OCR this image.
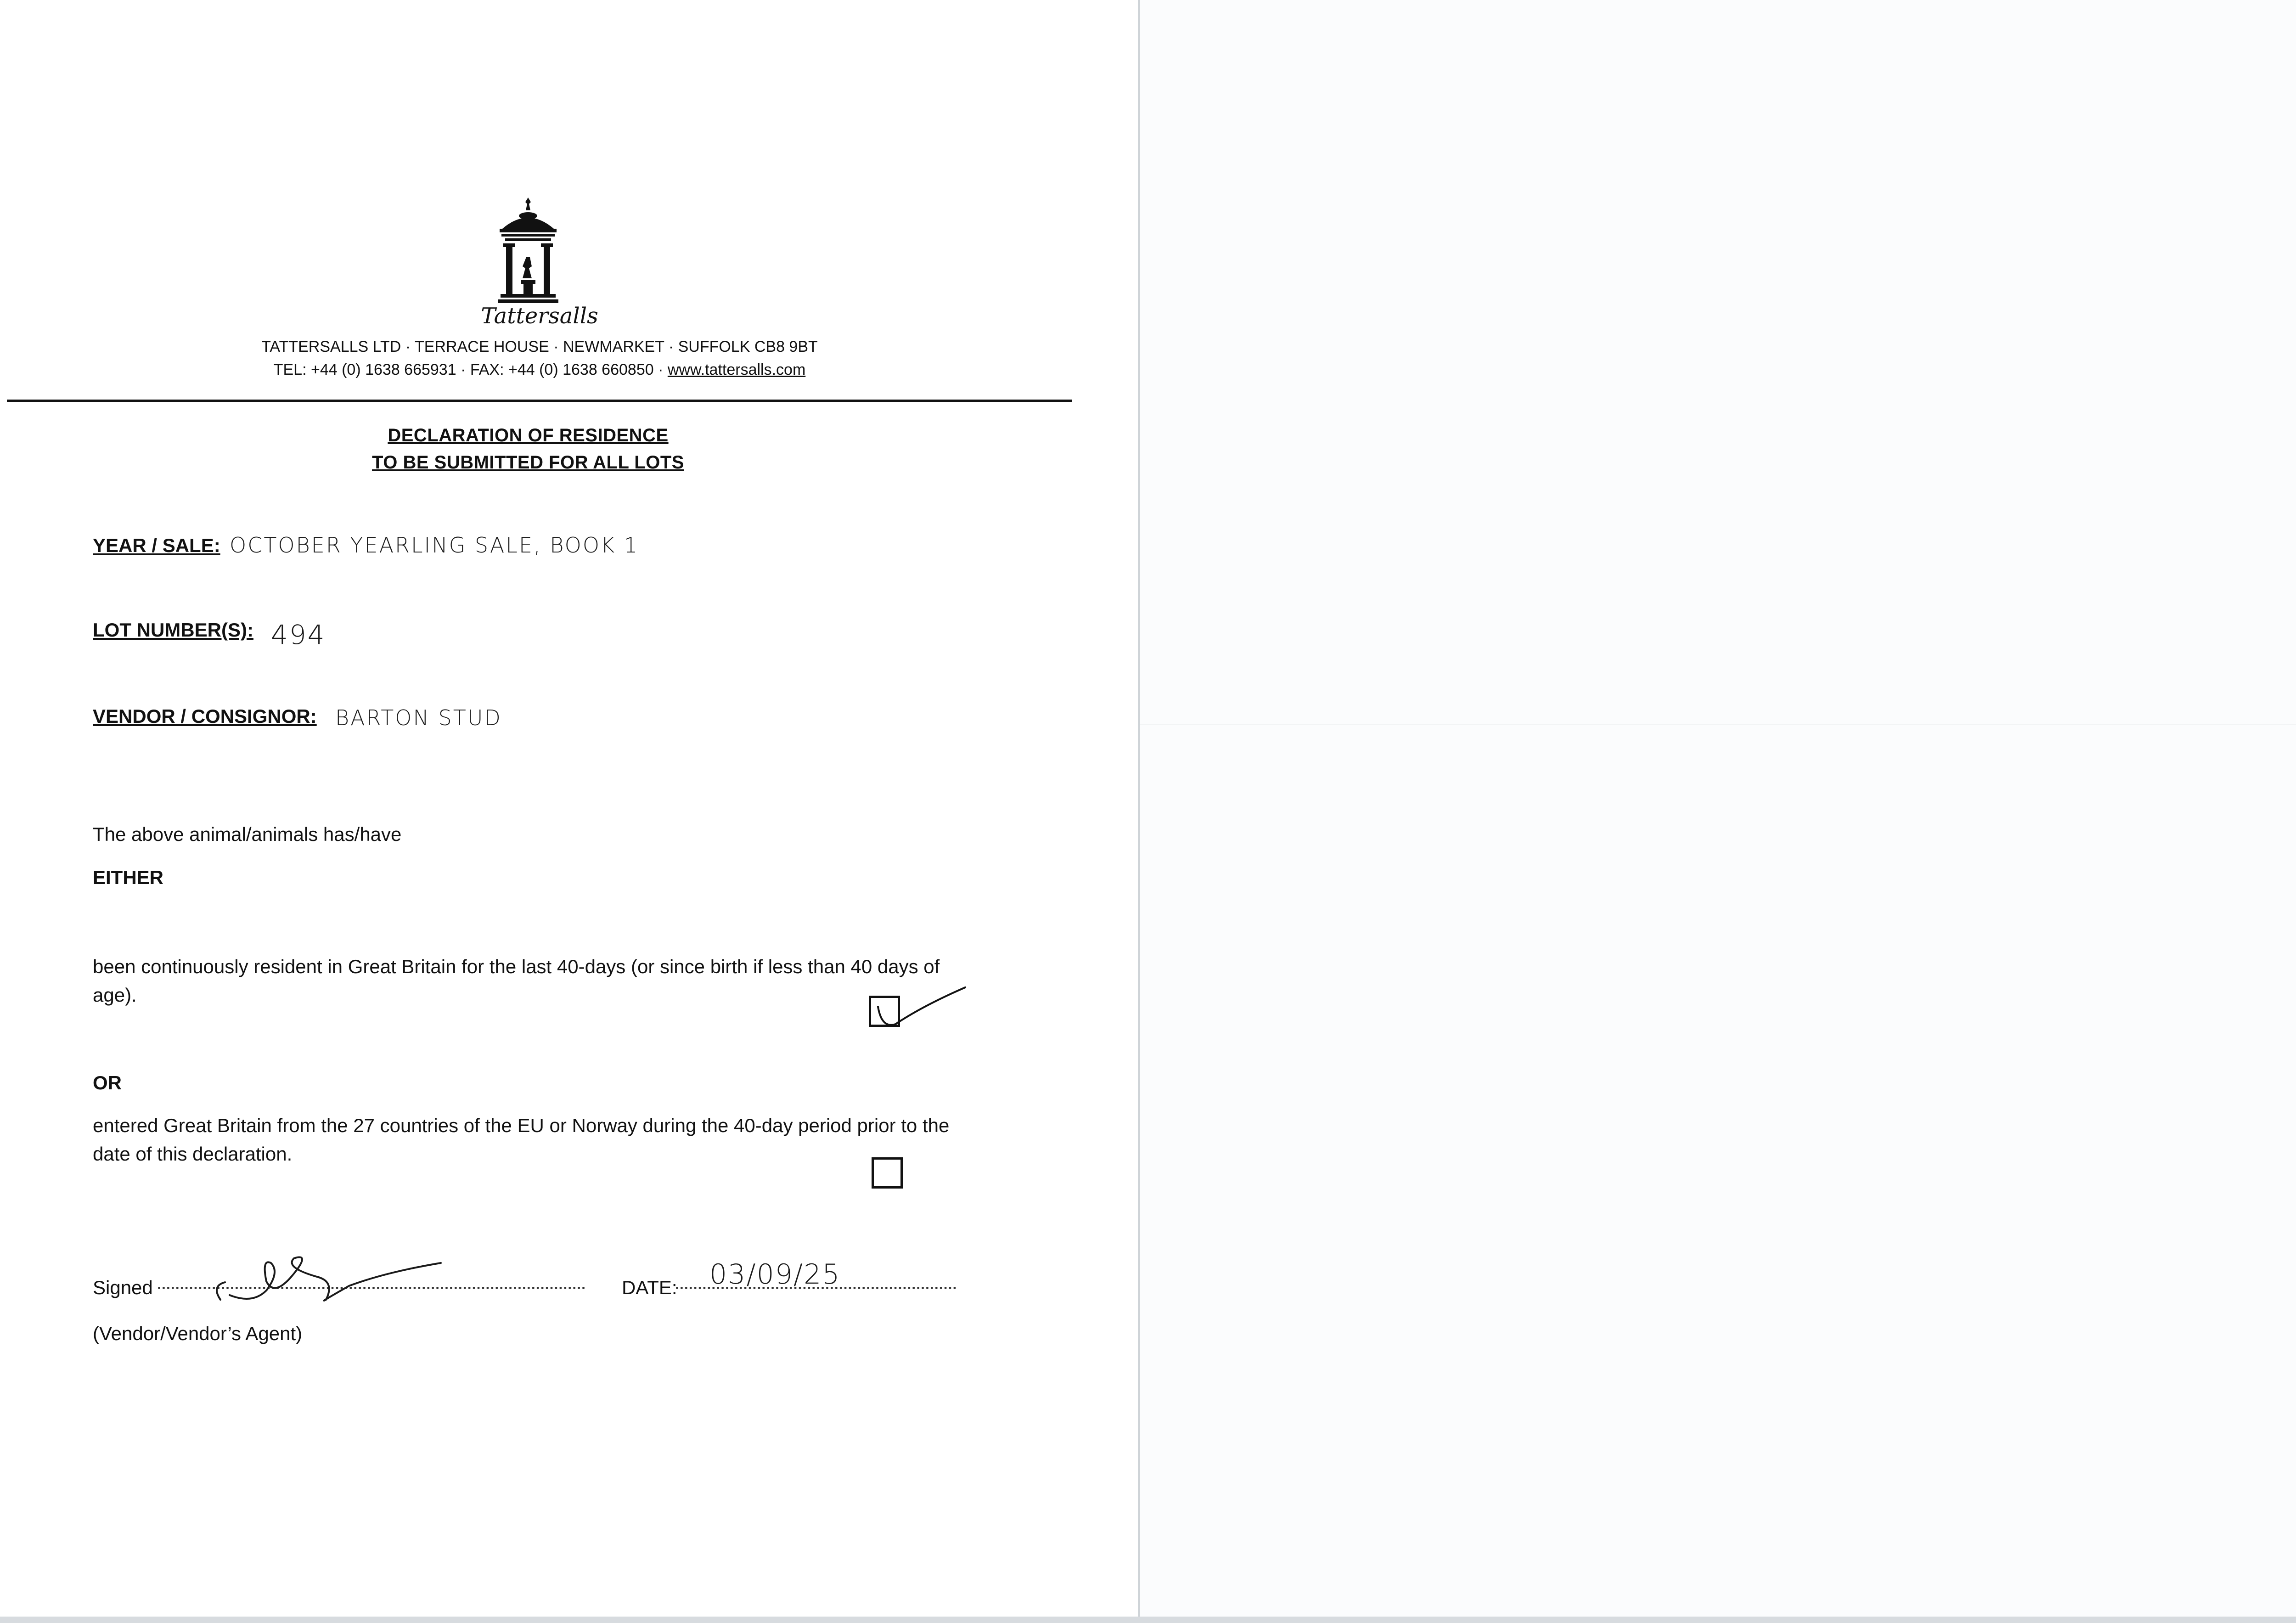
Tattersalls
TATTERSALLS LTD · TERRACE HOUSE · NEWMARKET · SUFFOLK CB8 9BT
TEL: +44 (0) 1638 665931 · FAX: +44 (0) 1638 660850 · www.tattersalls.com
DECLARATION OF RESIDENCE
TO BE SUBMITTED FOR ALL LOTS
YEAR / SALE: OCTOBER YEARLING SALE, BOOK 1
LOT NUMBER(S): 494
VENDOR / CONSIGNOR: BARTON STUD
The above animal/animals has/have
EITHER
been continuously resident in Great Britain for the last 40-days (or since birth if less than 40 days of age).
OR
entered Great Britain from the 27 countries of the EU or Norway during the 40-day period prior to the date of this declaration.
Signed	DATE: 03/09/25
(Vendor/Vendor’s Agent)
